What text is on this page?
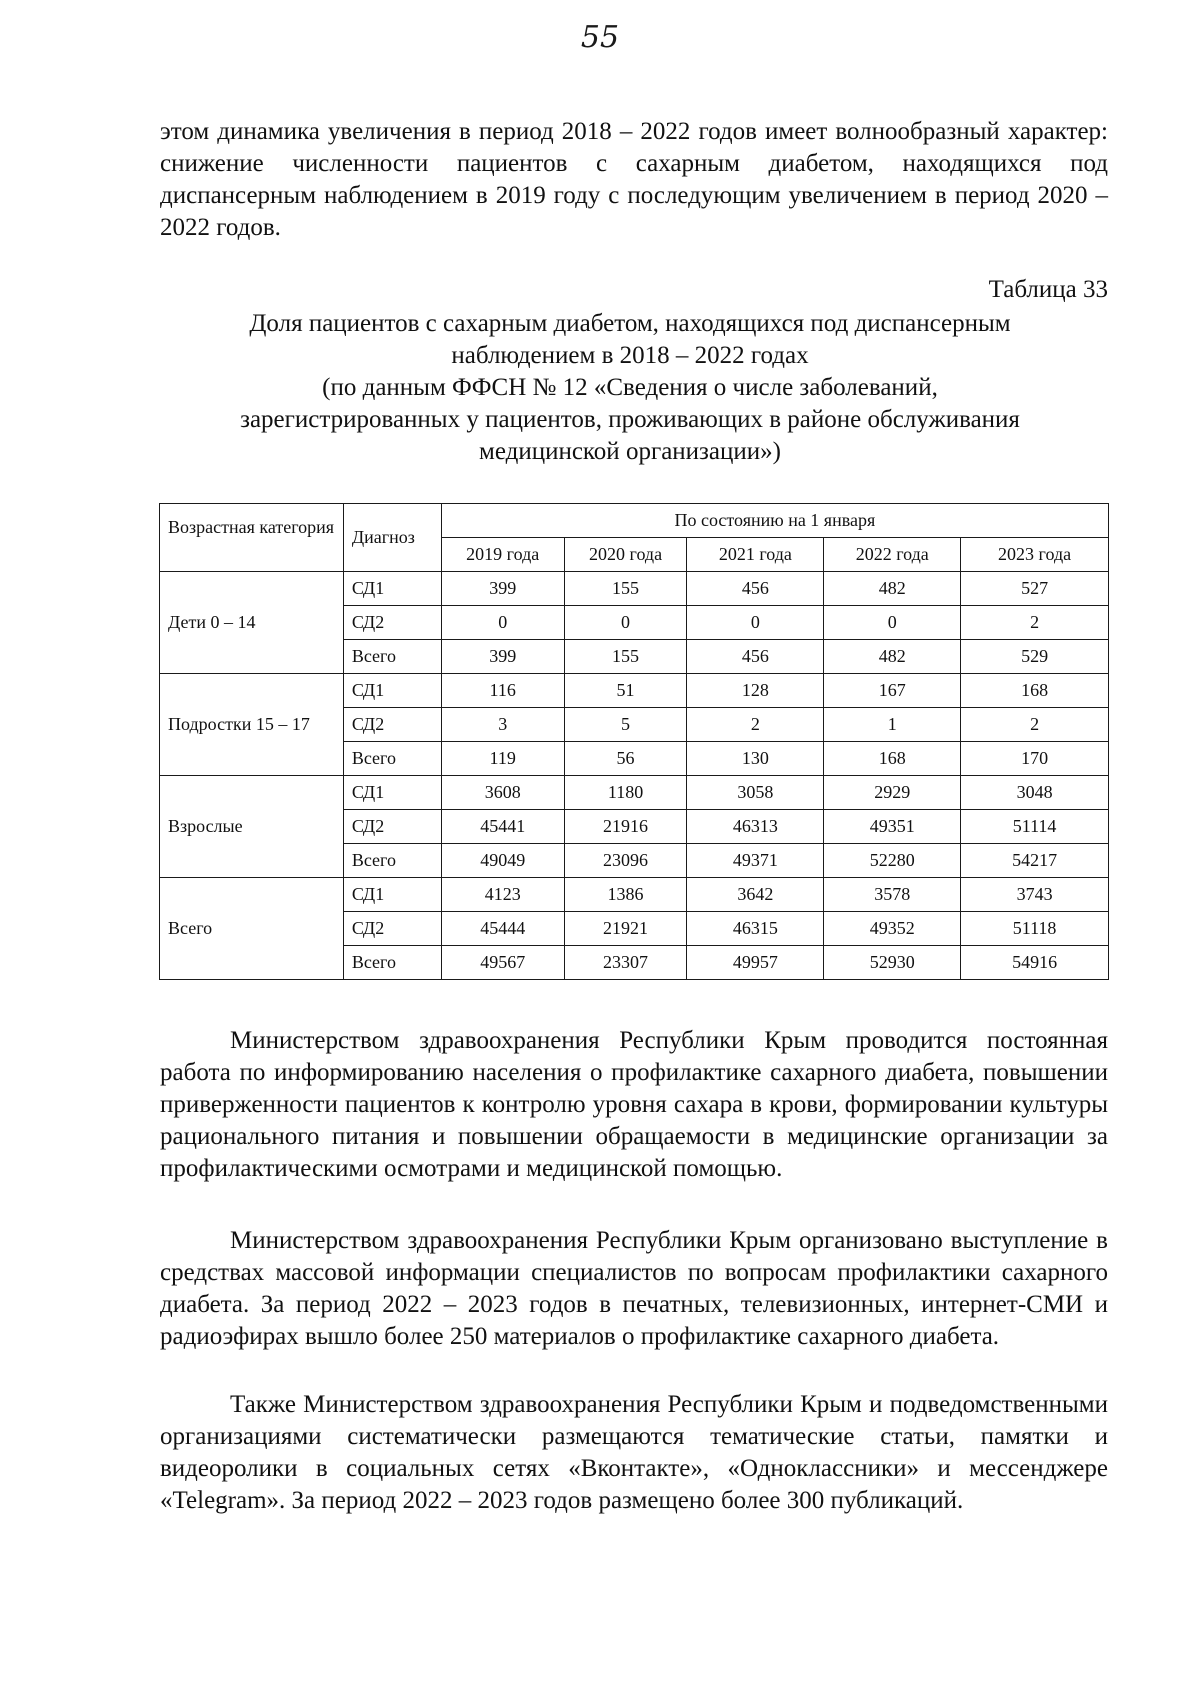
55

этом динамика увеличения в период 2018 – 2022 годов имеет волнообразный характер: снижение численности пациентов с сахарным диабетом, находящихся под диспансерным наблюдением в 2019 году с последующим увеличением в период 2020 – 2022 годов.

Таблица 33
Доля пациентов с сахарным диабетом, находящихся под диспансерным
наблюдением в 2018 – 2022 годах
(по данным ФФСН № 12 «Сведения о числе заболеваний,
зарегистрированных у пациентов, проживающих в районе обслуживания
медицинской организации»)
Возрастная категория	Диагноз	По состоянию на 1 января				
		2019 года	2020 года	2021 года	2022 года	2023 года
Дети 0 – 14	СД1	399	155	456	482	527
	СД2	0	0	0	0	2
	Всего	399	155	456	482	529
Подростки 15 – 17	СД1	116	51	128	167	168
	СД2	3	5	2	1	2
	Всего	119	56	130	168	170
Взрослые	СД1	3608	1180	3058	2929	3048
	СД2	45441	21916	46313	49351	51114
	Всего	49049	23096	49371	52280	54217
Всего	СД1	4123	1386	3642	3578	3743
	СД2	45444	21921	46315	49352	51118
	Всего	49567	23307	49957	52930	54916

Министерством здравоохранения Республики Крым проводится постоянная работа по информированию населения о профилактике сахарного диабета, повышении приверженности пациентов к контролю уровня сахара в крови, формировании культуры рационального питания и повышении обращаемости в медицинские организации за профилактическими осмотрами и медицинской помощью.

Министерством здравоохранения Республики Крым организовано выступление в средствах массовой информации специалистов по вопросам профилактики сахарного диабета. За период 2022 – 2023 годов в печатных, телевизионных, интернет-СМИ и радиоэфирах вышло более 250 материалов о профилактике сахарного диабета.

Также Министерством здравоохранения Республики Крым и подведомственными организациями систематически размещаются тематические статьи, памятки и видеоролики в социальных сетях «Вконтакте», «Одноклассники» и мессенджере «Telegram». За период 2022 – 2023 годов размещено более 300 публикаций.
